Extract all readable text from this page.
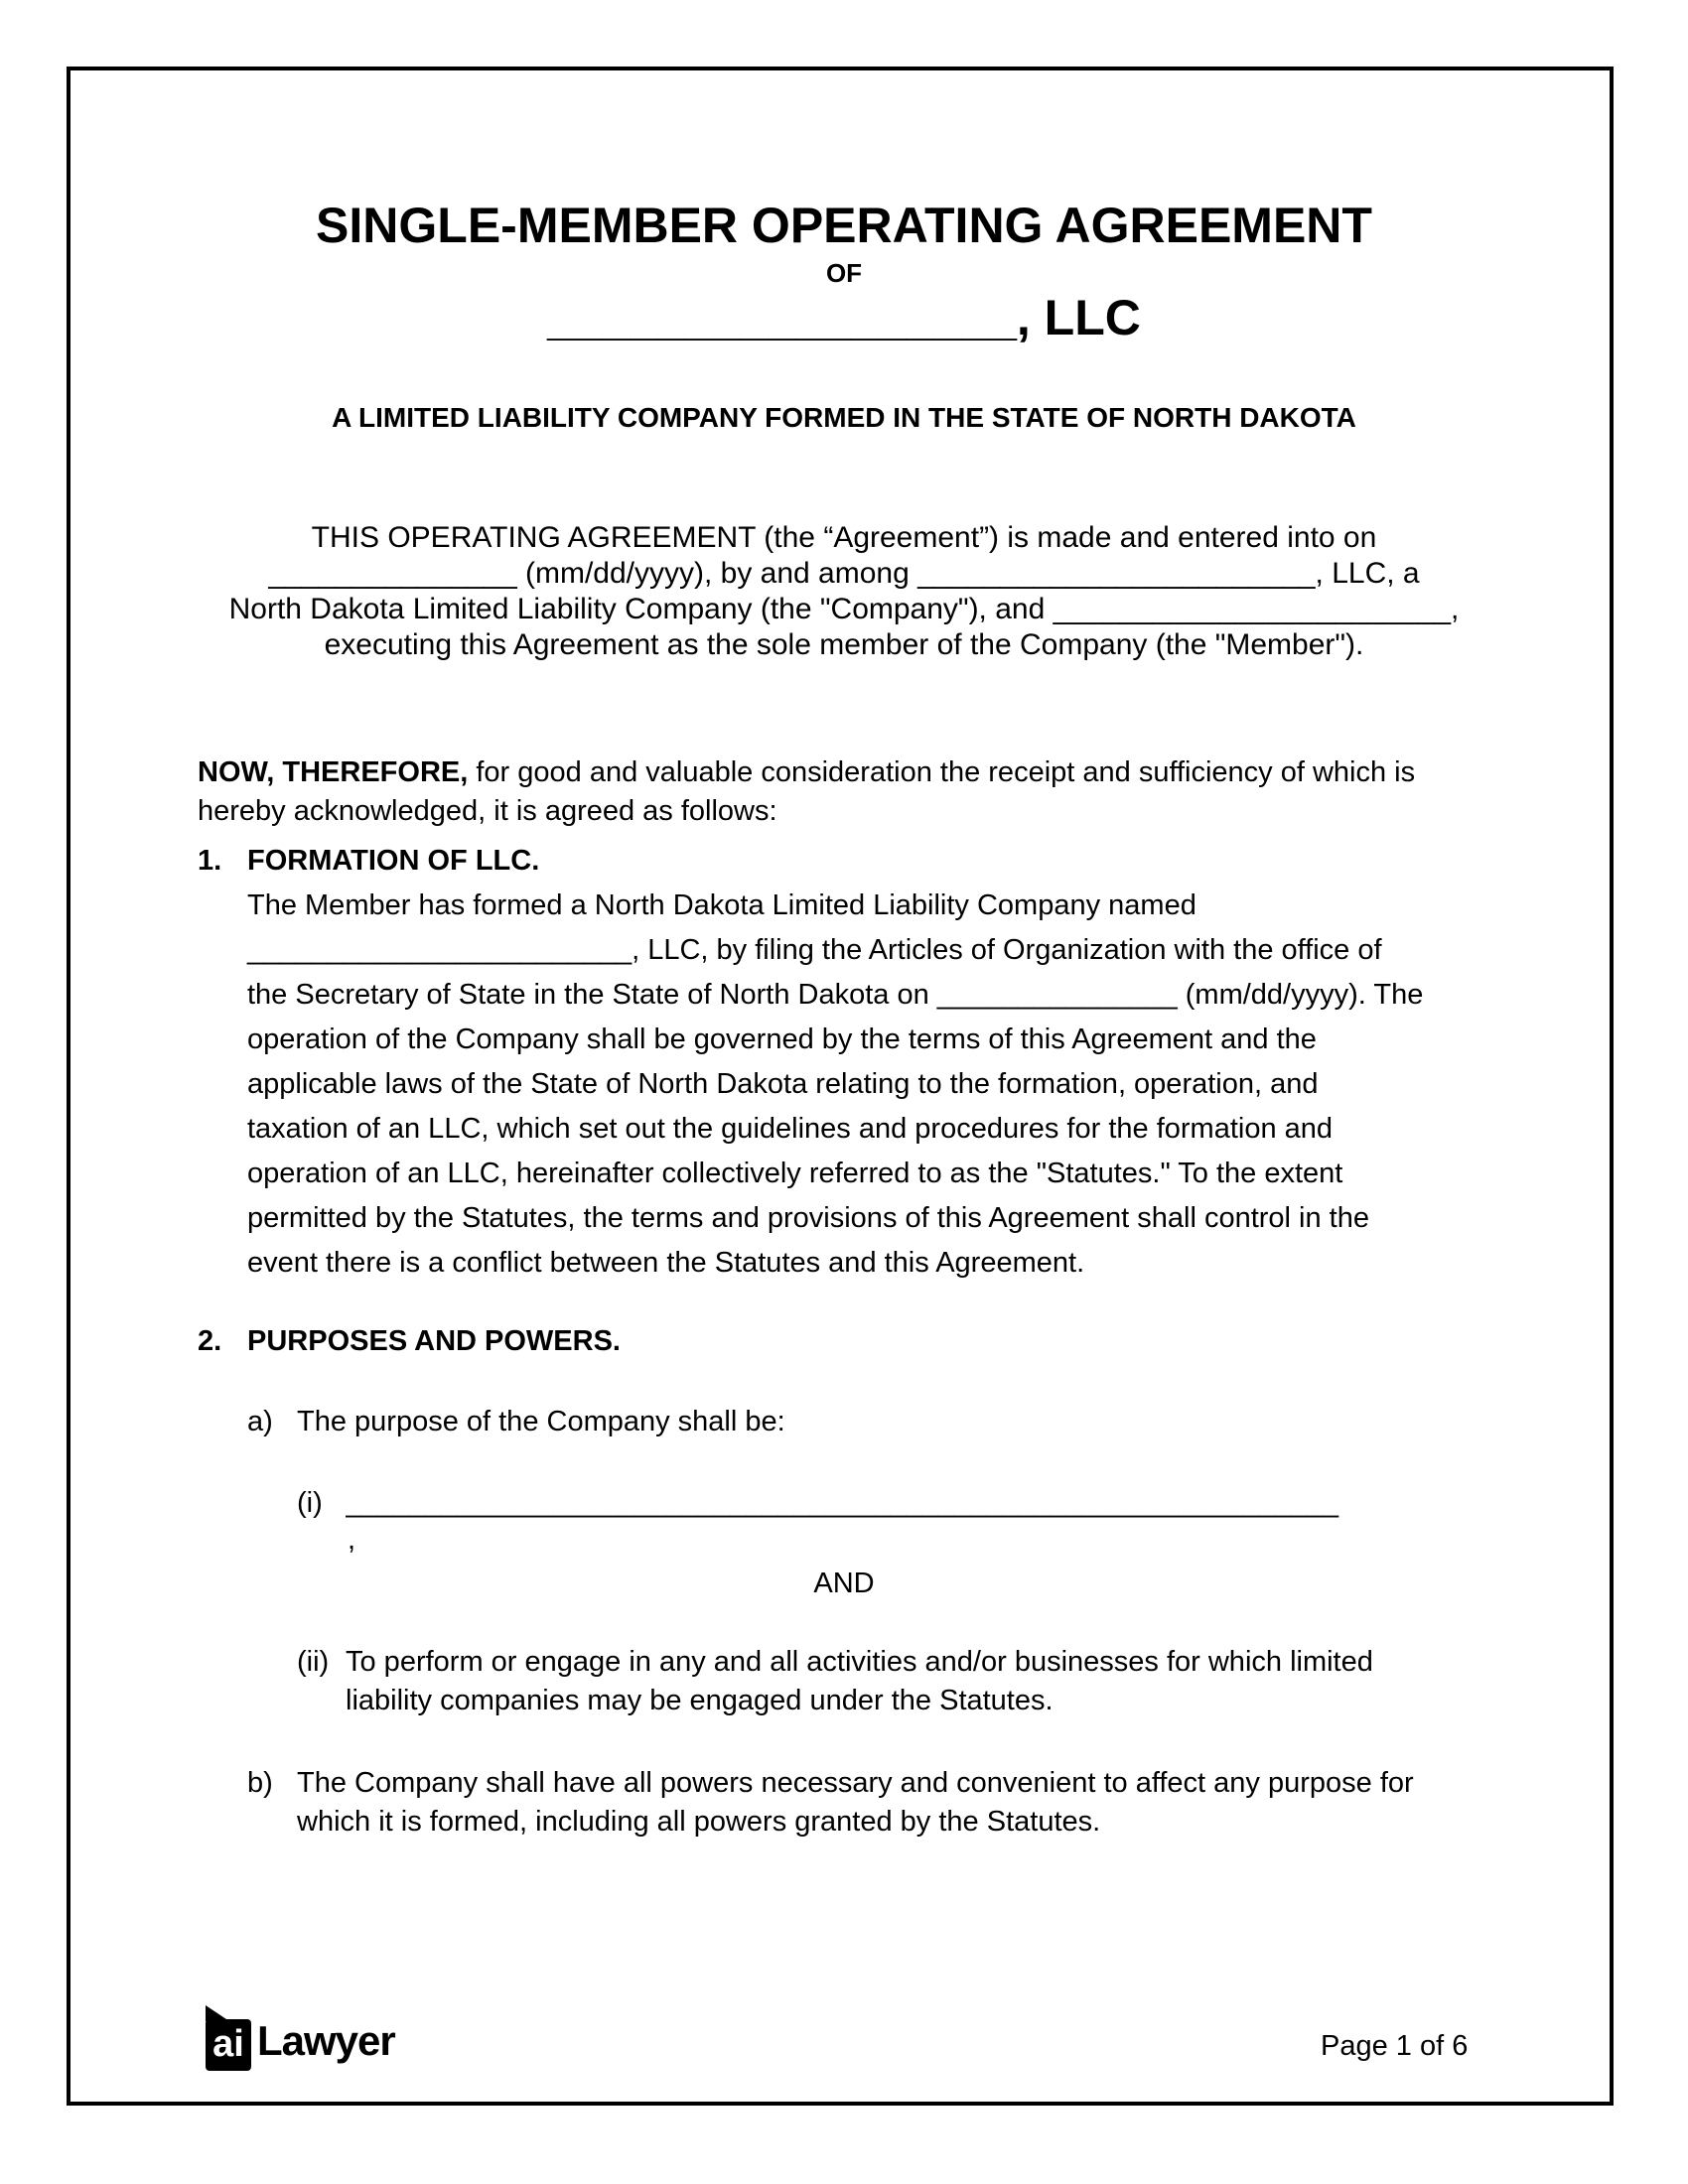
SINGLE-MEMBER OPERATING AGREEMENT
OF
_________________, LLC
A LIMITED LIABILITY COMPANY FORMED IN THE STATE OF NORTH DAKOTA
THIS OPERATING AGREEMENT (the “Agreement”) is made and entered into on
_______________ (mm/dd/yyyy), by and among ________________________, LLC, a
North Dakota Limited Liability Company (the "Company"), and ________________________,
executing this Agreement as the sole member of the Company (the "Member").
NOW, THEREFORE, for good and valuable consideration the receipt and sufficiency of which is
hereby acknowledged, it is agreed as follows:
1. FORMATION OF LLC.
The Member has formed a North Dakota Limited Liability Company named
________________________, LLC, by filing the Articles of Organization with the office of
the Secretary of State in the State of North Dakota on _______________ (mm/dd/yyyy). The
operation of the Company shall be governed by the terms of this Agreement and the
applicable laws of the State of North Dakota relating to the formation, operation, and
taxation of an LLC, which set out the guidelines and procedures for the formation and
operation of an LLC, hereinafter collectively referred to as the "Statutes." To the extent
permitted by the Statutes, the terms and provisions of this Agreement shall control in the
event there is a conflict between the Statutes and this Agreement.
2. PURPOSES AND POWERS.
a) The purpose of the Company shall be:
(i) ______________________________________________________________
,
AND
(ii) To perform or engage in any and all activities and/or businesses for which limited
liability companies may be engaged under the Statutes.
b) The Company shall have all powers necessary and convenient to affect any purpose for
which it is formed, including all powers granted by the Statutes.
ai Lawyer	Page 1 of 6
